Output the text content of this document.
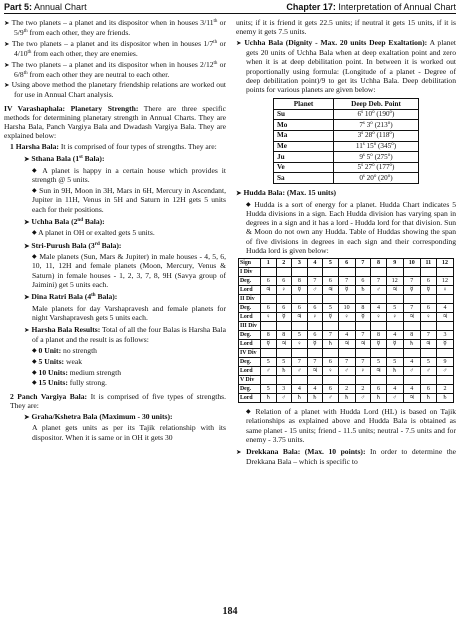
Part 5: Annual Chart	Chapter 17: Interpretation of Annual Chart

➤ The two planets – a planet and its dispositor when in houses 3/11th or 5/9th from each other, they are friends.

➤ The two planets – a planet and its dispositor when in houses 1/7th or 4/10th from each other, they are enemies.

➤ The two planets – a planet and its dispositor when in houses 2/12th or 6/8th from each other they are neutral to each other.

➤ Using above method the planetary friendship relations are worked out for use in Annual Chart analysis.

IV Varashaphala: Planetary Strength: There are three specific methods for determining planetary strength in Annual Charts. They are Harsha Bala, Panch Vargiya Bala and Dwadash Vargiya Bala. They are explained below:

1 Harsha Bala: It is comprised of four types of strengths. They are:

➤ Sthana Bala (1st Bala):

◆ A planet is happy in a certain house which provides it strength @ 5 units.

◆ Sun in 9H, Moon in 3H, Mars in 6H, Mercury in Ascendant, Jupiter in 11H, Venus in 5H and Saturn in 12H gets 5 units each for their positions.

➤ Uchha Bala (2nd Bala):

◆ A planet in OH or exalted gets 5 units.

➤ Stri-Purush Bala (3rd Bala):

◆ Male planets (Sun, Mars & Jupiter) in male houses - 4, 5, 6, 10, 11, 12H and female planets (Moon, Mercury, Venus & Saturn) in female houses - 1, 2, 3, 7, 8, 9H (Savya group of Jaimini) get 5 units each.

➤ Dina Ratri Bala (4th Bala):

Male planets for day Varshapravesh and female planets for night Varshapravesh gets 5 units each.

➤ Harsha Bala Results: Total of all the four Balas is Harsha Bala of a planet and the result is as follows:

◆ 0 Unit: no strength

◆ 5 Units: weak

◆ 10 Units: medium strength

◆ 15 Units: fully strong.

2 Panch Vargiya Bala: It is comprised of five types of strengths. They are:

➤ Graha/Kshetra Bala (Maximum - 30 units):

A planet gets units as per its Tajik relationship with its dispositor. When it is same or in OH it gets 30

units; if it is friend it gets 22.5 units; if neutral it gets 15 units, if it is enemy it gets 7.5 units.

➤ Uchha Bala (Dignity - Max. 20 units Deep Exaltation): A planet gets 20 units of Uchha Bala when at deep exaltation point and zero when it is at deep debilitation point. In between it is worked out proportionally using formula: (Longitude of a planet - Degree of deep debilitation point)/9 to get its Uchha Bala. Deep debilitation points for various planets are given below:

Planet	Deep Deb. Point
Su	6$^s$ 10$^o$ (190$^o$)
Mo	7$^s$ 3$^o$ (213$^o$)
Ma	3$^s$ 28$^o$ (118$^o$)
Me	11$^s$ 15$^o$ (345$^o$)
Ju	9$^s$ 5$^o$ (275$^o$)
Ve	5$^s$ 27$^o$ (177$^o$)
Sa	0$^s$ 20$^o$ (20$^o$)

➤ Hudda Bala: (Max. 15 units)

◆ Hudda is a sort of energy for a planet. Hudda Chart indicates 5 Hudda divisions in a sign. Each Hudda division has varying span in degrees in a sign and it has a lord - Hudda lord for that division. Sun & Moon do not own any Hudda. Table of Huddas showing the span of five divisions in degrees in each sign and their corresponding Hudda lord is given below:

Sign	1	2	3	4	5	6	7	8	9	10	11	12
I Div												
Deg.	6	6	8	7	6	7	6	7	12	7	6	12
Lord	♃	♀	☿	♂	♃	☿	♄	♂	♃	☿	☿	♀
II Div												
Deg.	6	6	6	6	5	10	8	4	5	7	6	4
Lord	♀	☿	♃	♀	☿	♀	☿	♀	♀	♃	♀	♃
III Div												
Deg.	8	8	5	6	7	4	7	8	4	8	7	3
Lord	☿	♃	♀	☿	♄	♃	♃	☿	☿	♄	♃	☿
IV Div												
Deg.	5	5	7	7	6	7	7	5	5	4	5	9
Lord	♂	♄	♂	♃	♀	♂	♀	♃	♄	♂	♂	♂
V Div												
Deg.	5	3	4	4	6	2	2	6	4	4	6	2
Lord	♄	♂	♄	♄	♂	♄	♂	♄	♂	♃	♄	♄

◆ Relation of a planet with Hudda Lord (HL) is based on Tajik relationships as explained above and Hudda Bala is obtained as same planet - 15 units; friend - 11.5 units; neutral - 7.5 units and for enemy - 3.75 units.

➤ Drekkana Bala: (Max. 10 points): In order to determine the Drekkana Bala – which is specific to

184
